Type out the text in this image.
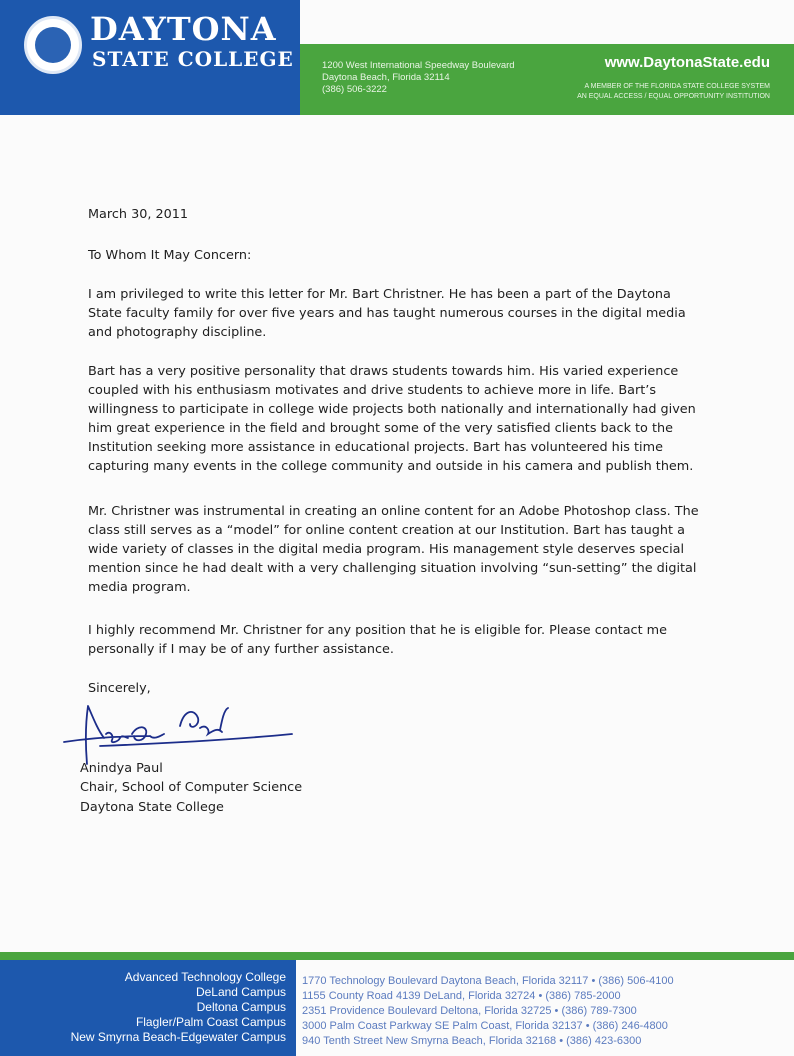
DAYTONA
STATE COLLEGE	1200 West International Speedway Boulevard
Daytona Beach, Florida 32114
(386) 506-3222
www.DaytonaState.edu
A MEMBER OF THE FLORIDA STATE COLLEGE SYSTEM
AN EQUAL ACCESS / EQUAL OPPORTUNITY INSTITUTION

March 30, 2011

To Whom It May Concern:

I am privileged to write this letter for Mr. Bart Christner. He has been a part of the Daytona State faculty family for over five years and has taught numerous courses in the digital media and photography discipline.

Bart has a very positive personality that draws students towards him. His varied experience coupled with his enthusiasm motivates and drive students to achieve more in life. Bart’s willingness to participate in college wide projects both nationally and internationally had given him great experience in the field and brought some of the very satisfied clients back to the Institution seeking more assistance in educational projects. Bart has volunteered his time capturing many events in the college community and outside in his camera and publish them.

Mr. Christner was instrumental in creating an online content for an Adobe Photoshop class. The class still serves as a “model” for online content creation at our Institution. Bart has taught a wide variety of classes in the digital media program. His management style deserves special mention since he had dealt with a very challenging situation involving “sun-setting” the digital media program.

I highly recommend Mr. Christner for any position that he is eligible for. Please contact me personally if I may be of any further assistance.

Sincerely,

Anindya Paul

Chair, School of Computer Science

Daytona State College

Advanced Technology College
DeLand Campus
Deltona Campus
Flagler/Palm Coast Campus
New Smyrna Beach-Edgewater Campus
1770 Technology Boulevard Daytona Beach, Florida 32117 • (386) 506-4100
1155 County Road 4139 DeLand, Florida 32724 • (386) 785-2000
2351 Providence Boulevard Deltona, Florida 32725 • (386) 789-7300
3000 Palm Coast Parkway SE Palm Coast, Florida 32137 • (386) 246-4800
940 Tenth Street New Smyrna Beach, Florida 32168 • (386) 423-6300
